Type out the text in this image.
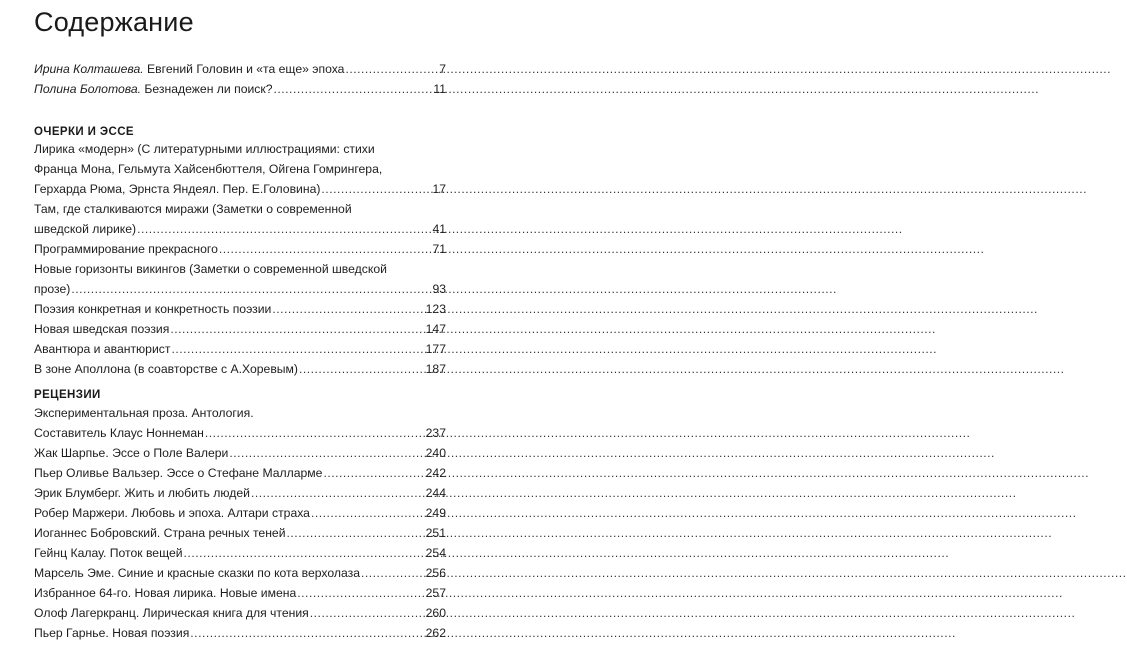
Содержание
Ирина Колташева. Евгений Головин и «та еще» эпоха .....	7
Полина Болотова. Безнадежен ли поиск? .....	11
ОЧЕРКИ И ЭССЕ
Лирика «модерн» (С литературными иллюстрациями: стихи
Франца Мона, Гельмута Хайсенбюттеля, Ойгена Гомрингера,
Герхарда Рюма, Эрнста Яндеял. Пер. Е.Головина) .....	17
Там, где сталкиваются миражи (Заметки о современной
шведской лирике) .....	41
Программирование прекрасного .....	71
Новые горизонты викингов (Заметки о современной шведской
прозе) .....	93
Поэзия конкретная и конкретность поэзии .....	123
Новая шведская поэзия .....	147
Авантюра и авантюрист .....	177
В зоне Аполлона (в соавторстве с А.Хоревым) .....	187
РЕЦЕНЗИИ
Экспериментальная проза. Антология.
Составитель Клаус Ноннеман .....	237
Жак Шарпье. Эссе о Поле Валери .....	240
Пьер Оливье Вальзер. Эссе о Стефане Малларме .....	242
Эрик Блумберг. Жить и любить людей .....	244
Робер Маржери. Любовь и эпоха. Алтари страха .....	249
Иоганнес Бобровский. Страна речных теней .....	251
Гейнц Калау. Поток вещей .....	254
Марсель Эме. Синие и красные сказки по кота верхолаза .....	256
Избранное 64-го. Новая лирика. Новые имена .....	257
Олоф Лагеркранц. Лирическая книга для чтения .....	260
Пьер Гарнье. Новая поэзия .....	262
